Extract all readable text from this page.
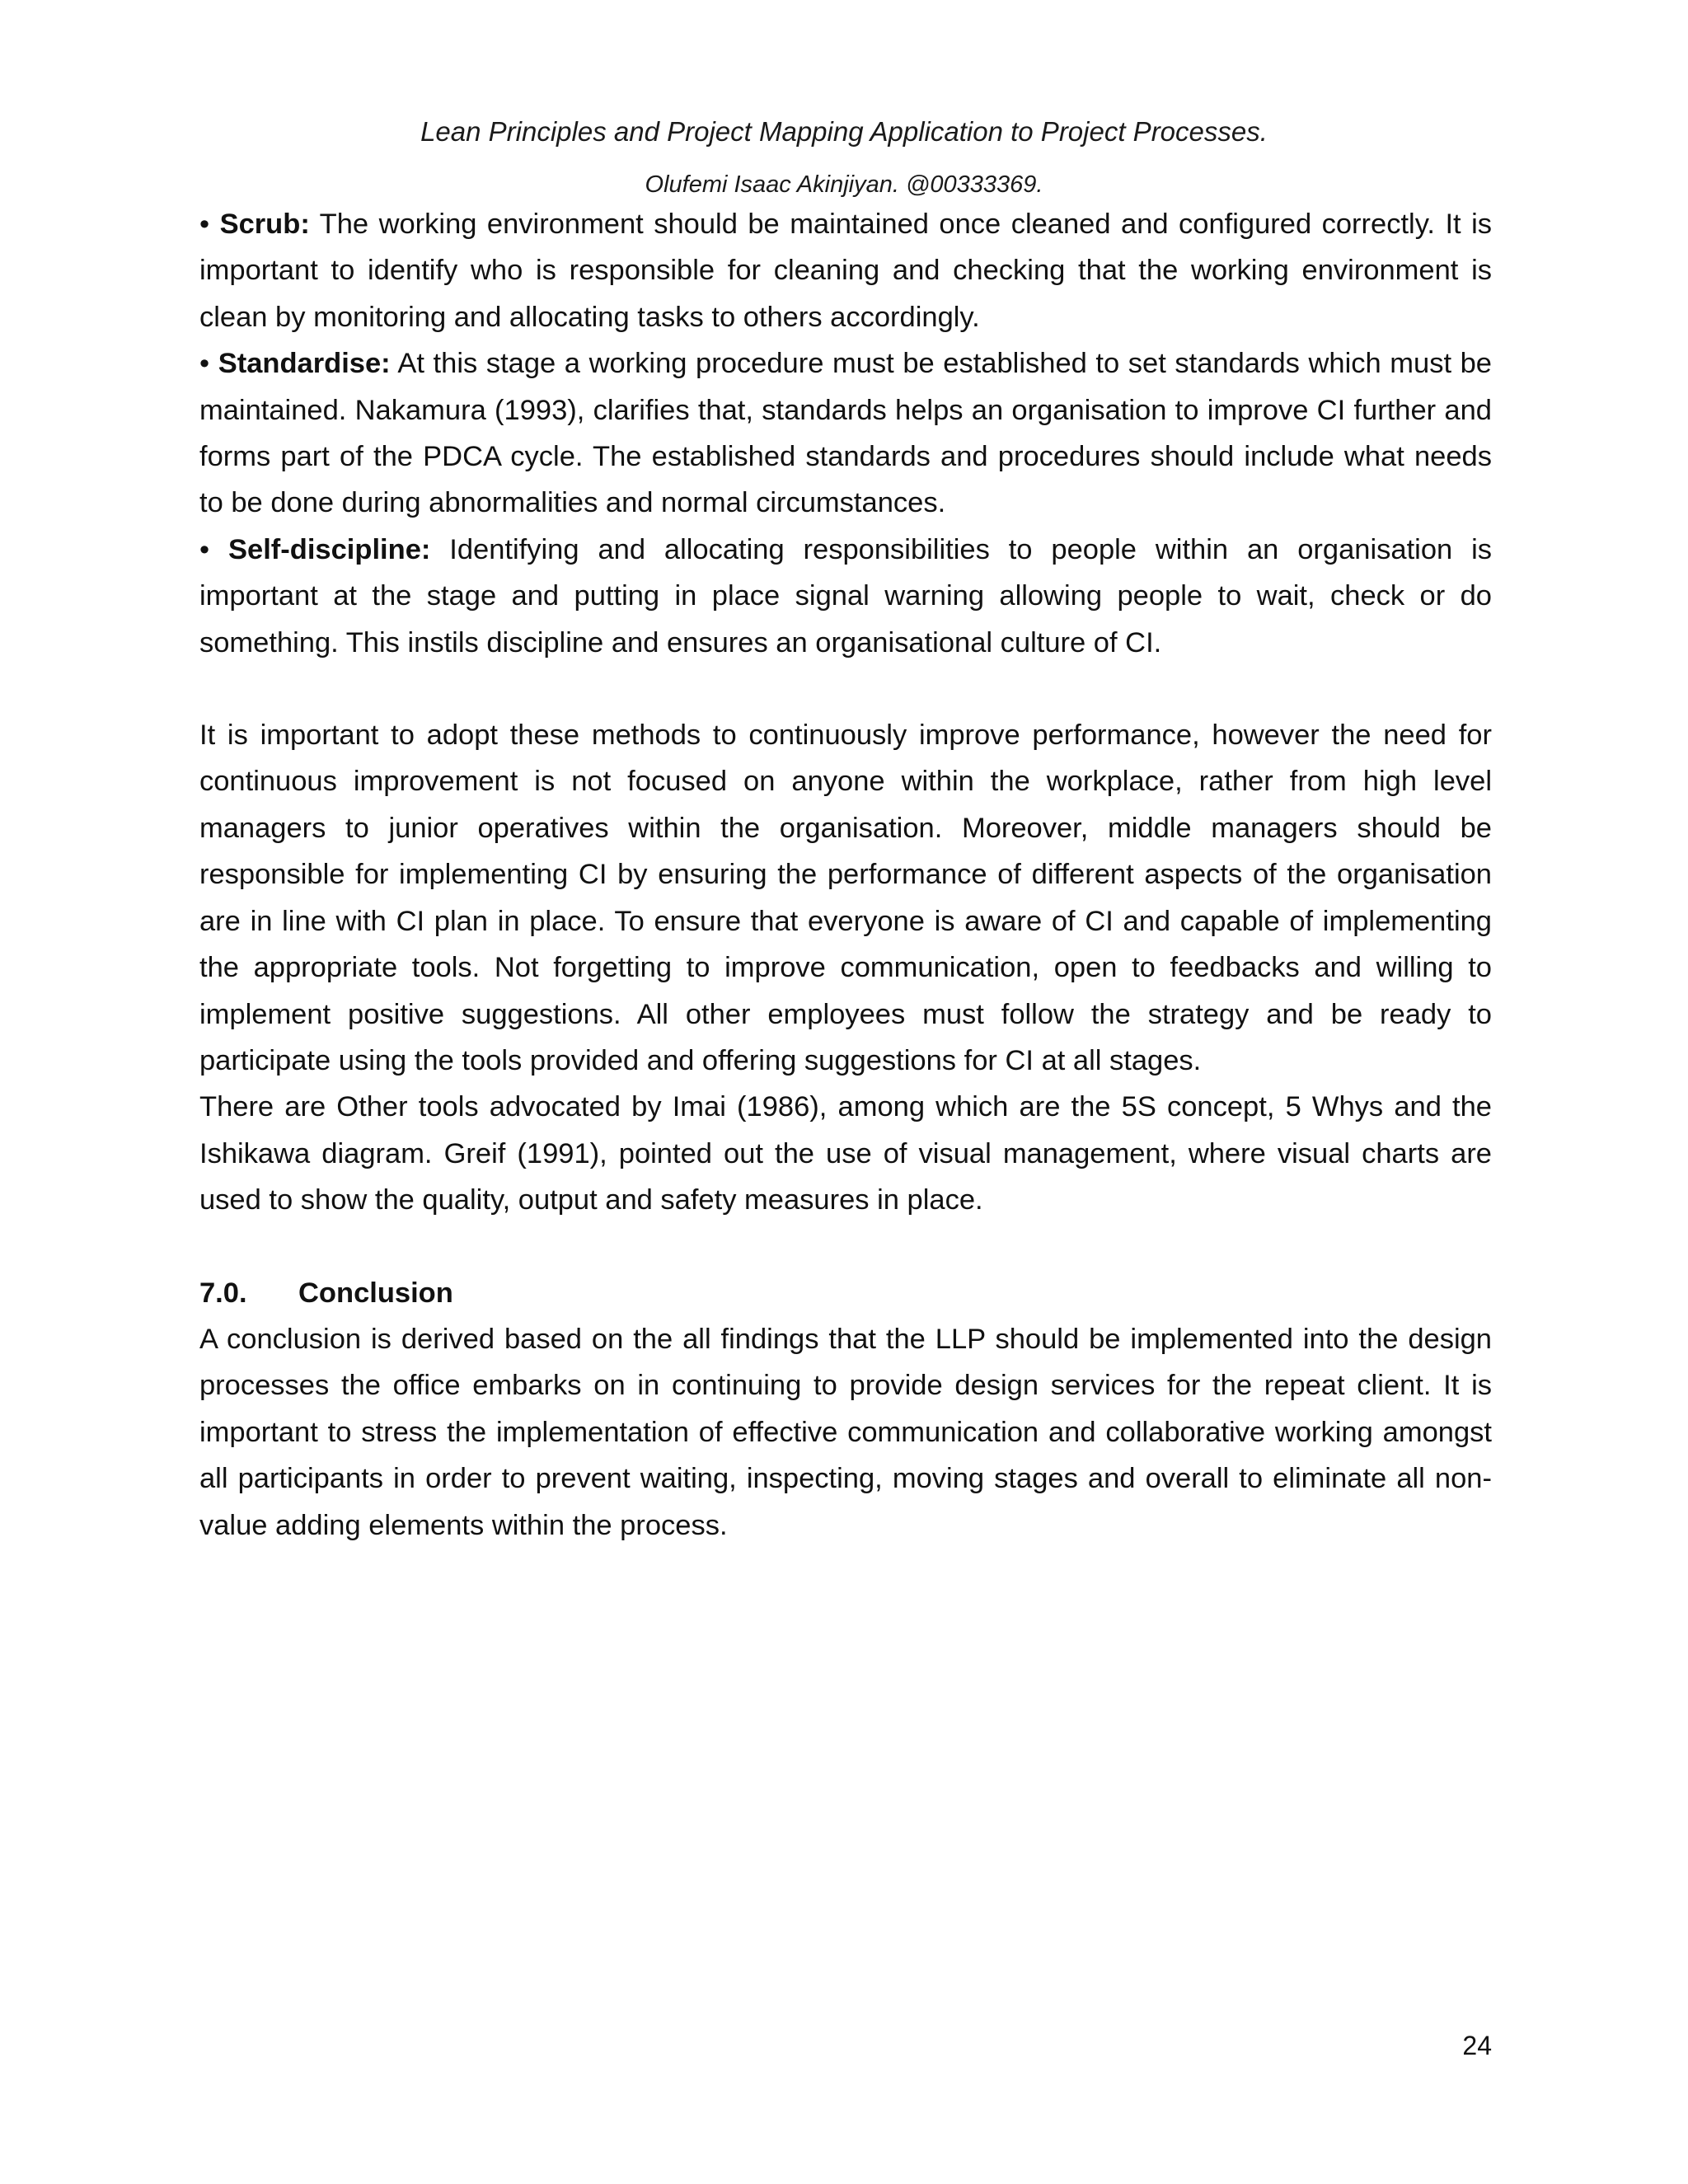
Lean Principles and Project Mapping Application to Project Processes.
Olufemi Isaac Akinjiyan. @00333369.

• Scrub: The working environment should be maintained once cleaned and configured correctly. It is important to identify who is responsible for cleaning and checking that the working environment is clean by monitoring and allocating tasks to others accordingly.

• Standardise: At this stage a working procedure must be established to set standards which must be maintained. Nakamura (1993), clarifies that, standards helps an organisation to improve CI further and forms part of the PDCA cycle. The established standards and procedures should include what needs to be done during abnormalities and normal circumstances.

• Self-discipline: Identifying and allocating responsibilities to people within an organisation is important at the stage and putting in place signal warning allowing people to wait, check or do something. This instils discipline and ensures an organisational culture of CI.

It is important to adopt these methods to continuously improve performance, however the need for continuous improvement is not focused on anyone within the workplace, rather from high level managers to junior operatives within the organisation. Moreover, middle managers should be responsible for implementing CI by ensuring the performance of different aspects of the organisation are in line with CI plan in place. To ensure that everyone is aware of CI and capable of implementing the appropriate tools. Not forgetting to improve communication, open to feedbacks and willing to implement positive suggestions. All other employees must follow the strategy and be ready to participate using the tools provided and offering suggestions for CI at all stages.

There are Other tools advocated by Imai (1986), among which are the 5S concept, 5 Whys and the Ishikawa diagram. Greif (1991), pointed out the use of visual management, where visual charts are used to show the quality, output and safety measures in place.

7.0. Conclusion

A conclusion is derived based on the all findings that the LLP should be implemented into the design processes the office embarks on in continuing to provide design services for the repeat client. It is important to stress the implementation of effective communication and collaborative working amongst all participants in order to prevent waiting, inspecting, moving stages and overall to eliminate all non-value adding elements within the process.

24
